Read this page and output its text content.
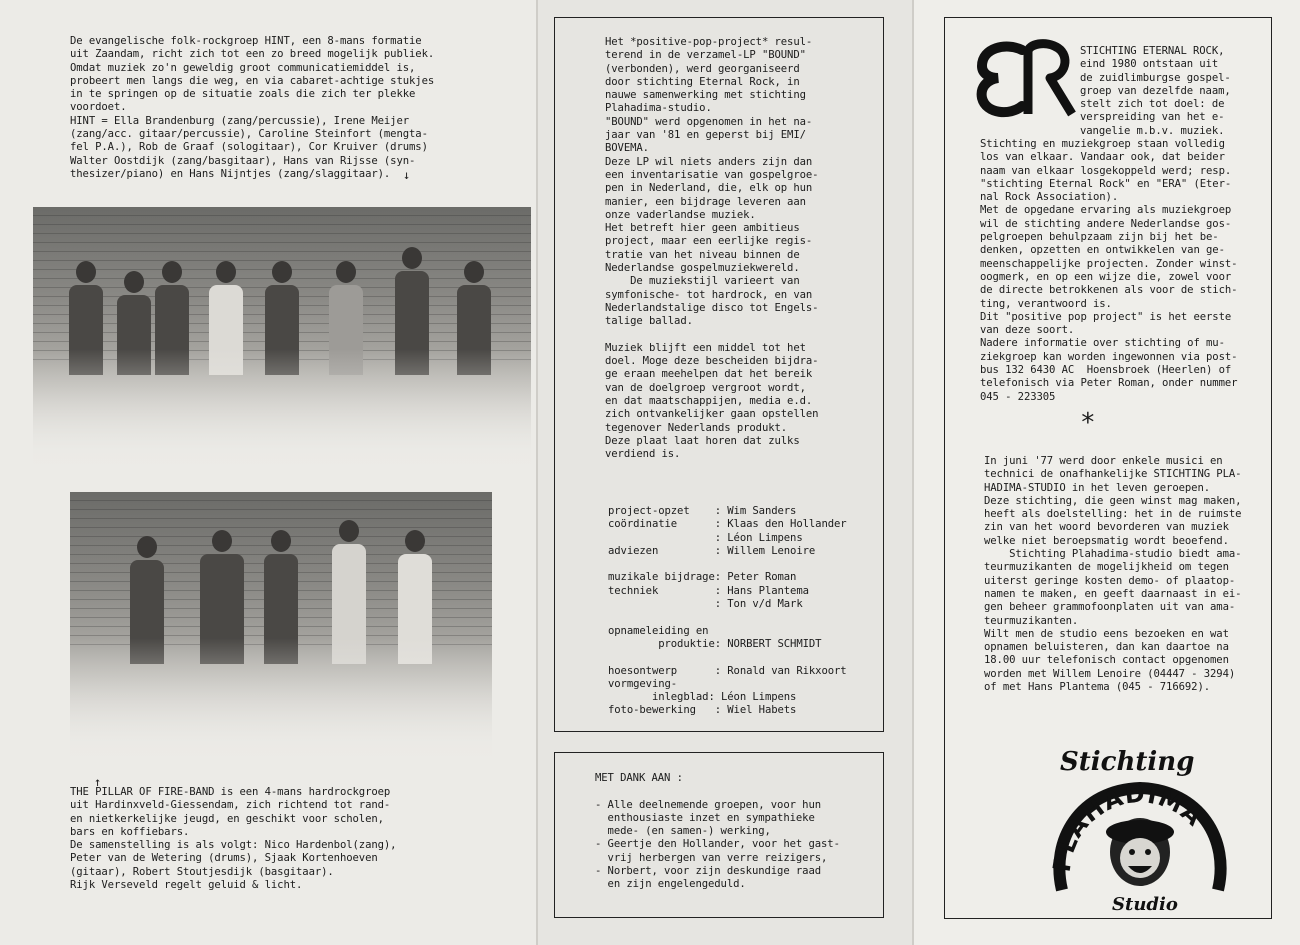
De evangelische folk-rockgroep HINT, een 8-mans formatie
uit Zaandam, richt zich tot een zo breed mogelijk publiek.
Omdat muziek zo'n geweldig groot communicatiemiddel is,
probeert men langs die weg, en via cabaret-achtige stukjes
in te springen op de situatie zoals die zich ter plekke
voordoet.
HINT = Ella Brandenburg (zang/percussie), Irene Meijer
(zang/acc. gitaar/percussie), Caroline Steinfort (mengta-
fel P.A.), Rob de Graaf (sologitaar), Cor Kruiver (drums)
Walter Oostdijk (zang/basgitaar), Hans van Rijsse (syn-
thesizer/piano) en Hans Nijntjes (zang/slaggitaar).	↓
↑
THE PILLAR OF FIRE-BAND is een 4-mans hardrockgroep
uit Hardinxveld-Giessendam, zich richtend tot rand-
en nietkerkelijke jeugd, en geschikt voor scholen,
bars en koffiebars.
De samenstelling is als volgt: Nico Hardenbol(zang),
Peter van de Wetering (drums), Sjaak Kortenhoeven
(gitaar), Robert Stoutjesdijk (basgitaar).
Rijk Verseveld regelt geluid & licht.
Het *positive-pop-project* resul-
terend in de verzamel-LP "BOUND"
(verbonden), werd georganiseerd
door stichting Eternal Rock, in
nauwe samenwerking met stichting
Plahadima-studio.
"BOUND" werd opgenomen in het na-
jaar van '81 en geperst bij EMI/
BOVEMA.
Deze LP wil niets anders zijn dan
een inventarisatie van gospelgroe-
pen in Nederland, die, elk op hun
manier, een bijdrage leveren aan
onze vaderlandse muziek.
Het betreft hier geen ambitieus
project, maar een eerlijke regis-
tratie van het niveau binnen de
Nederlandse gospelmuziekwereld.
De muziekstijl varieert van
symfonische- tot hardrock, en van
Nederlandstalige disco tot Engels-
talige ballad.

Muziek blijft een middel tot het
doel. Moge deze bescheiden bijdra-
ge eraan meehelpen dat het bereik
van de doelgroep vergroot wordt,
en dat maatschappijen, media e.d.
zich ontvankelijker gaan opstellen
tegenover Nederlands produkt.
Deze plaat laat horen dat zulks
verdiend is.
project-opzet    : Wim Sanders
coördinatie      : Klaas den Hollander
: Léon Limpens
adviezen         : Willem Lenoire

muzikale bijdrage: Peter Roman
techniek         : Hans Plantema
: Ton v/d Mark

opnameleiding en
produktie: NORBERT SCHMIDT

hoesontwerp      : Ronald van Rikxoort
vormgeving-
inlegblad: Léon Limpens
foto-bewerking   : Wiel Habets
MET DANK AAN :

- Alle deelnemende groepen, voor hun
enthousiaste inzet en sympathieke
mede- (en samen-) werking,
- Geertje den Hollander, voor het gast-
vrij herbergen van verre reizigers,
- Norbert, voor zijn deskundige raad
en zijn engelengeduld.
ER
STICHTING ETERNAL ROCK,
eind 1980 ontstaan uit
de zuidlimburgse gospel-
groep van dezelfde naam,
stelt zich tot doel: de
verspreiding van het e-
vangelie m.b.v. muziek.
Stichting en muziekgroep staan volledig
los van elkaar. Vandaar ook, dat beider
naam van elkaar losgekoppeld werd; resp.
"stichting Eternal Rock" en "ERA" (Eter-
nal Rock Association).
Met de opgedane ervaring als muziekgroep
wil de stichting andere Nederlandse gos-
pelgroepen behulpzaam zijn bij het be-
denken, opzetten en ontwikkelen van ge-
meenschappelijke projecten. Zonder winst-
oogmerk, en op een wijze die, zowel voor
de directe betrokkenen als voor de stich-
ting, verantwoord is.
Dit "positive pop project" is het eerste
van deze soort.
Nadere informatie over stichting of mu-
ziekgroep kan worden ingewonnen via post-
bus 132 6430 AC  Hoensbroek (Heerlen) of
telefonisch via Peter Roman, onder nummer
045 - 223305
*
In juni '77 werd door enkele musici en
technici de onafhankelijke STICHTING PLA-
HADIMA-STUDIO in het leven geroepen.
Deze stichting, die geen winst mag maken,
heeft als doelstelling: het in de ruimste
zin van het woord bevorderen van muziek
welke niet beroepsmatig wordt beoefend.
Stichting Plahadima-studio biedt ama-
teurmuzikanten de mogelijkheid om tegen
uiterst geringe kosten demo- of plaatop-
namen te maken, en geeft daarnaast in ei-
gen beheer grammofoonplaten uit van ama-
teurmuzikanten.
Wilt men de studio eens bezoeken en wat
opnamen beluisteren, dan kan daartoe na
18.00 uur telefonisch contact opgenomen
worden met Willem Lenoire (04447 - 3294)
of met Hans Plantema (045 - 716692).
Stichting
PLAHADIMA
Studio
